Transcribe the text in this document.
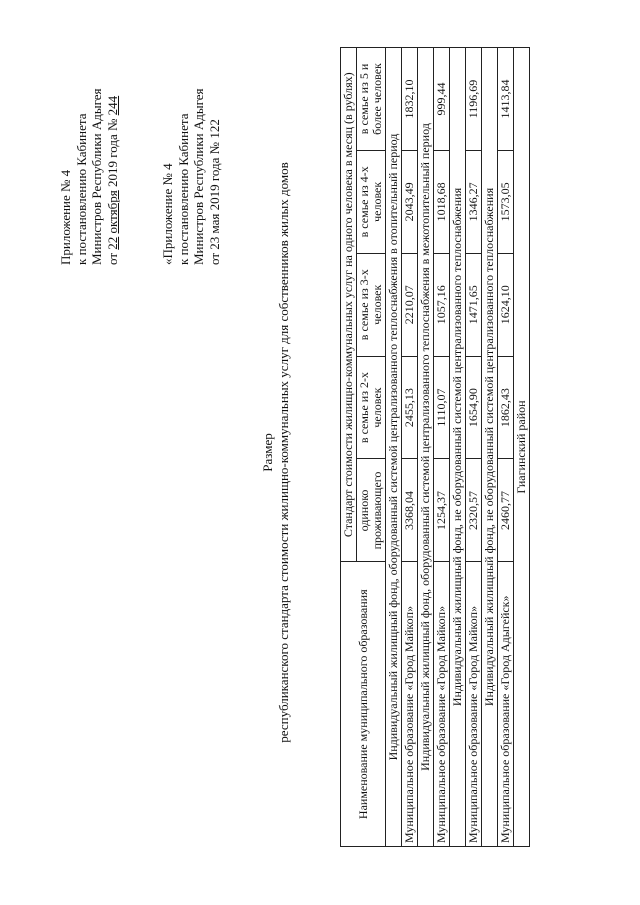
Приложение № 4 к постановлению Кабинета Министров Республики Адыгея от 22 октября 2019 года № 244
«Приложение № 4 к постановлению Кабинета Министров Республики Адыгея от 23 мая 2019 года № 122
Размер республиканского стандарта стоимости жилищно-коммунальных услуг для собственников жилых домов	Наименование муниципального образования	Стандарт стоимости жилищно-коммунальных услуг на одного человека в месяц (в рублях)				
	одиноко проживающего	в семье из 2-х человек	в семье из 3-х человек	в семье из 4-х человек	в семье из 5 и более человек
Индивидуальный жилищный фонд, оборудованный системой централизованного теплоснабжения в отопительный период					
Муниципальное образование «Город Майкоп»	3368,04	2455,13	2210,07	2043,49	1832,10
Индивидуальный жилищный фонд, оборудованный системой централизованного теплоснабжения в межотопительный период					
Муниципальное образование «Город Майкоп»	1254,37	1110,07	1057,16	1018,68	999,44
Индивидуальный жилищный фонд, не оборудованный системой централизованного теплоснабжения					
Муниципальное образование «Город Майкоп»	2320,57	1654,90	1471,65	1346,27	1196,69
Индивидуальный жилищный фонд, не оборудованный системой централизованного теплоснабжения					
Муниципальное образование «Город Адыгейск»	2460,77	1862,43	1624,10	1573,05	1413,84
Гиагинский район					
